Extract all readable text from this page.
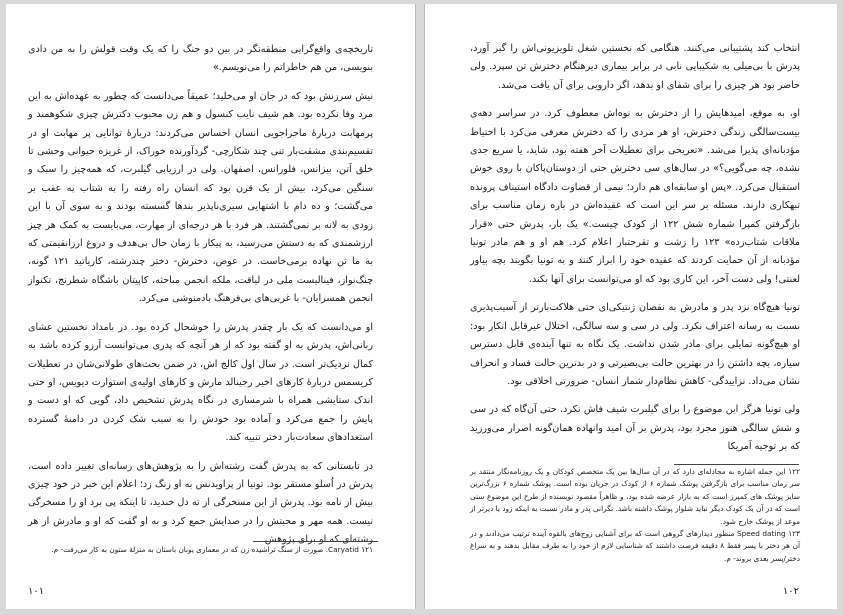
تاریخچه‌ی واقع‌گرایی منطقه‌نگر در بین دو جنگ را که یک وقت قولش را به من دادی بنویسی، من هم خاطراتم را می‌نویسم.»

نیش سرزنش بود که در جان او می‌خلید؛ عمیقاً می‌دانست که چطور به عهده‌اش به این مرد وفا نکرده بود. هم شیف نایب کنسول و هم زن محبوب دکترش چیزی شکوهمند و پرمهابت دربارهٔ ماجراجویی انسان احساس می‌کردند: دربارهٔ توانایی پر مهابت او در تقسیم‌بندی مشقت‌بار تنی چند شکارچی- گردآورنده خوراک، از غریزه حیوانی وحشی تا خلق آتن، بیزانس، فلورانس، اصفهان. ولی در ارزیابی گیلبرت، که همه‌چیز را سبک و سنگین می‌کرد، بیش از یک قرن بود که انسان راه رفته را به شتاب به عقب بر می‌گشت؛ و ده دام با اشتهایی سیری‌ناپذیر بندها گسسته بودند و به سوی آن با این زودی به لانه بر نمی‌گشتند. هر فرد با هر درجه‌ای از مهارت، می‌بایست به کمک هر چیز ارزشمندی که به دستش می‌رسید، به پیکار با زمان حال بی‌هدف و دروغ ارزانقیمتی که به ما تن نهاده برمی‌خاست. در عوض، دخترش- دختر چندرشته، کاریاتید ۱۲۱ گونه، چنگ‌نواز، فینالیست ملی در لیاقت، ملکه انجمن مباحثه، کاپیتان باشگاه شطرنج، تکنواز انجمن همسرایان- با غربی‌های بی‌فرهنگ بادمنوشی می‌کرد.

او می‌دانست که یک بار چقدر پدرش را خوشحال کرده بود. در بامداد نخستین عشای ربانی‌اش، پدرش به او گفته بود که از هر آنچه که پدری می‌توانست آرزو کرده باشد به کمال نزدیک‌تر است. در سال اول کالج اش، در ضمن بحث‌های طولانی‌شان در تعطیلات کریسمس دربارهٔ کارهای اخیر رجینالد مارش و کارهای اولیه‌ی استوارت دیویس، او حتی اندک ستایشی همراه با شرمساری در نگاه پدرش تشخیص داد، گویی که او دست و پایش را جمع می‌کرد و آماده بود خودش را به سبب شک کردن در دامنهٔ گسترده استعدادهای سعادت‌بار دختر تنبیه کند.

در تابستانی که به پدرش گفت رشته‌اش را به پژوهش‌های رسانه‌ای تغییر داده است، پدرش در اُسلو مستقر بود. تونیا از پراویدنس به او زنگ زد؛ اعلام این خبر در خود چیزی بیش از نامه بود. پدرش از این مسخرگی از ته دل خندید، تا اینکه پی برد او را مسخرگی نیست. همه مهر و محبتش را در صدایش جمع کرد و به او گفت که او و مادرش از هر رشته‌ای که او برای پژوهش

۱۲۱ Caryatid. صورت از سنگ تراشیده زن که در معماری یونان باستان به منزلهٔ ستون به کار می‌رفت- م.

۱۰۱

انتخاب کند پشتیبانی می‌کنند. هنگامی که نخستین شغل تلویزیونی‌اش را گیر آورد، پدرش با بی‌میلی به شکیبایی نابی در برابر بیماری دیرهنگام دخترش تن سپرد. ولی حاضر بود هر چیزی را برای شفای او بدهد، اگر دارویی برای آن یافت می‌شد.

او، به موقع، امیدهایش را از دخترش به نوه‌اش معطوف کرد. در سراسر دهه‌ی بیست‌سالگی زندگی دخترش، او هر مردی را که دخترش معرفی می‌کرد با احتیاط مؤدبانه‌ای پذیرا می‌شد. «تعریحی برای تعطیلات آخر هفته بود، شاید، یا سریع جدی نشده، چه می‌گویی؟» در سال‌های سی دخترش حتی از دوستان‌پاکان با روی خوش استقبال می‌کرد. «پس او سابقه‌ای هم دارد؛ نیمی از قضاوت دادگاه استیناف پرونده تبهکاری دارند. مسئله بر سر این است که عقیده‌اش در باره زمان مناسب برای بازگرفتن کمپرا شماره شش ۱۲۲ از کودک چیست.» یک بار، پدرش حتی «قرار ملاقات شتاب‌زده» ۱۲۳ را زشت و تقرحتبار اعلام کرد. هم او و هم مادر تونیا مؤدبانه از آن حمایت کردند که عقیده خود را ابراز کنند و به تونیا بگویند بچه بیاور لعنتی! ولی دست آخر، این کاری بود که او می‌توانست برای آنها بکند.

تونیا هیچ‌گاه نزد پدر و مادرش به نقصان ژنتیکی‌ای حتی هلاکت‌بارتر از آسیب‌پذیری نسبت به رسانه اعتراف نکرد. ولی در سی و سه سالگی، اختلال غیرقابل انکار بود: او هیچ‌گونه تمایلی برای مادر شدن نداشت. یک نگاه به تنها آینده‌ی قابل دسترس سیاره، بچه داشتن را در بهترین حالت بی‌بصیرتی و در بدترین حالت فساد و انحراف نشان می‌داد. نزاییدگی- کاهش نظام‌دار شمار انسان- ضرورتی اخلاقی بود.

ولی تونیا هرگز این موضوع را برای گیلبرت شیف فاش نکرد. حتی آن‌گاه که در سی و شش سالگی هنوز مجرد بود، پدرش بر آن امید وانهاده همان‌گونه اصرار می‌ورزید که بر توجیه آمریکا

۱۲۲ این جمله اشاره به مجادله‌ای دارد که در آن سال‌ها بین یک متخصص کودکان و یک روزنامه‌نگار منتقد بر سر زمان مناسب برای بازگرفتن پوشک شماره ۶ از کودک در جریان بوده است. پوشک شماره ۶ بزرگ‌ترین سایز پوشک های کمپرز است که به بازار عرضه شده بود، و ظاهراً مقصود نویسنده از طرح این موضوع سنی است که در آن یک کودک دیگر نباید شلوار پوشک داشته باشد. نگرانی پدر و مادر نسبت به اینکه زود یا دیرتر از موعد از پوشک خارج شود.

۱۲۳ Speed dating منظور دیدارهای گروهی است که برای آشنایی زوج‌های بالقوه آینده ترتیب می‌دادند و در آن هر دختر با پسر فقط ۸ دقیقه فرصت داشتند که شناسایی لازم از خود را به طرف مقابل بدهند و به سراغ دختر/پسر بعدی بروند- م.

۱۰۲
